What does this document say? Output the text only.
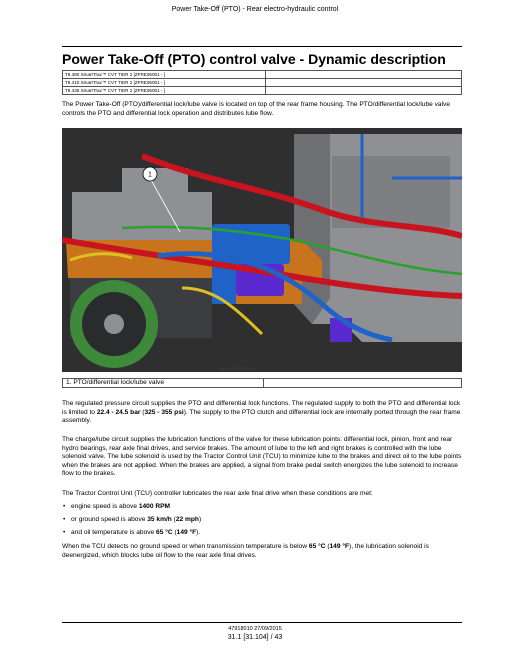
Power Take-Off (PTO) - Rear electro-hydraulic control
Power Take-Off (PTO) control valve - Dynamic description
T8.380 SmartTrax™ CVT TIER 2 [ZFRE05001 - ]	
T8.410 SmartTrax™ CVT TIER 2 [ZFRE05001 - ]	
T8.435 SmartTrax™ CVT TIER 2 [ZFRE05001 - ]	

The Power Take-Off (PTO)/differential lock/lube valve is located on top of the rear frame housing. The PTO/differential lock/lube valve controls the PTO and differential lock operation and distributes lube flow.

1
RAIL14TR00612EA 1
1. PTO/differential lock/lube valve	

The regulated pressure circuit supplies the PTO and differential lock functions. The regulated supply to both the PTO and differential lock is limited to 22.4 - 24.5 bar (325 - 355 psi). The supply to the PTO clutch and differential lock are internally ported through the rear frame assembly.

The charge/lube circuit supplies the lubrication functions of the valve for these lubrication points: differential lock, pinion, front and rear hydro bearings, rear axle final drives, and service brakes. The amount of lube to the left and right brakes is controlled with the lube solenoid valve. The lube solenoid is used by the Tractor Control Unit (TCU) to minimize lube to the brakes and direct oil to the lube points when the brakes are not applied. When the brakes are applied, a signal from brake pedal switch energizes the lube solenoid to increase flow to the brakes.

The Tractor Control Unit (TCU) controller lubricates the rear axle final drive when these conditions are met:

• engine speed is above 1400 RPM
• or ground speed is above 35 km/h (22 mph)
• and oil temperature is above 65 °C (149 °F).

When the TCU detects no ground speed or when transmission temperature is below 65 °C (149 °F), the lubrication solenoid is deenergized, which blocks lube oil flow to the rear axle final drives.

47918010 27/09/2015
31.1 [31.104] / 43
